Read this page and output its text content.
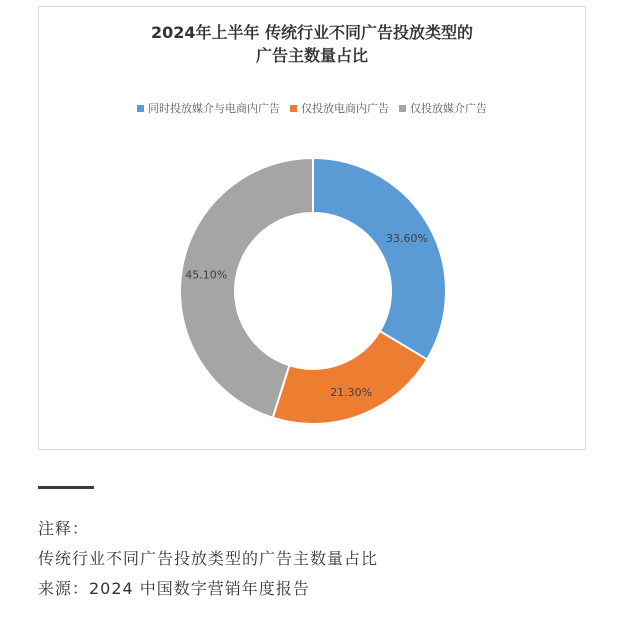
2024年上半年 传统行业不同广告投放类型的
广告主数量占比
同时投放媒介与电商内广告 仅投放电商内广告 仅投放媒介广告
33.60%
21.30%
45.10%
注释：
传统行业不同广告投放类型的广告主数量占比
来源：2024 中国数字营销年度报告
